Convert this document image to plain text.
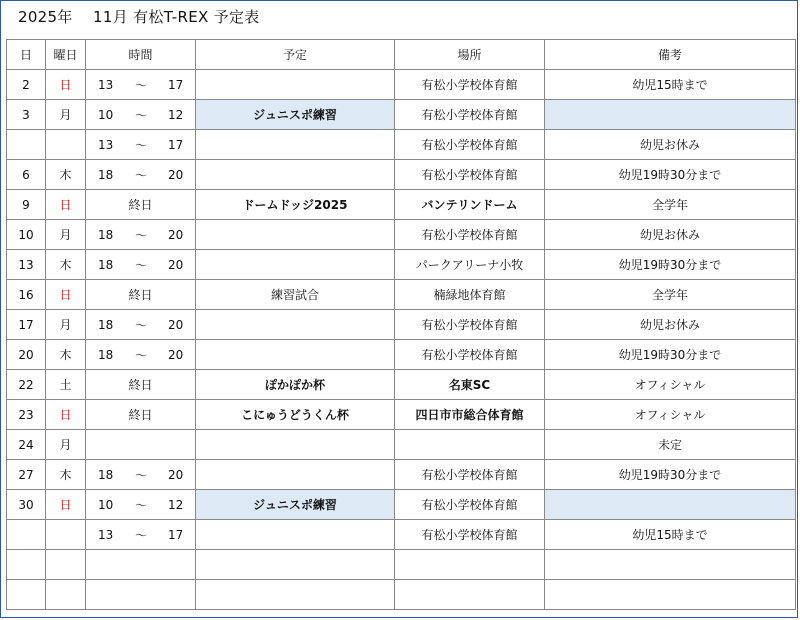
2025年　 11月 有松T-REX 予定表
日	曜日	時間	予定	場所	備考
2	日	13 ～ 17		有松小学校体育館	幼児15時まで
3	月	10 ～ 12	ジュニスポ練習	有松小学校体育館	

		13 ～ 17		有松小学校体育館	幼児お休み
6	木	18 ～ 20		有松小学校体育館	幼児19時30分まで
9	日	終日	ドームドッジ2025	バンテリンドーム	全学年
10	月	18 ～ 20		有松小学校体育館	幼児お休み
13	木	18 ～ 20		パークアリーナ小牧	幼児19時30分まで
16	日	終日	練習試合	楠緑地体育館	全学年
17	月	18 ～ 20		有松小学校体育館	幼児お休み
20	木	18 ～ 20		有松小学校体育館	幼児19時30分まで
22	土	終日	ぽかぽか杯	名東SC	オフィシャル
23	日	終日	こにゅうどうくん杯	四日市市総合体育館	オフィシャル
24	月				未定
27	木	18 ～ 20		有松小学校体育館	幼児19時30分まで
30	日	10 ～ 12	ジュニスポ練習	有松小学校体育館	

		13 ～ 17		有松小学校体育館	幼児15時まで
